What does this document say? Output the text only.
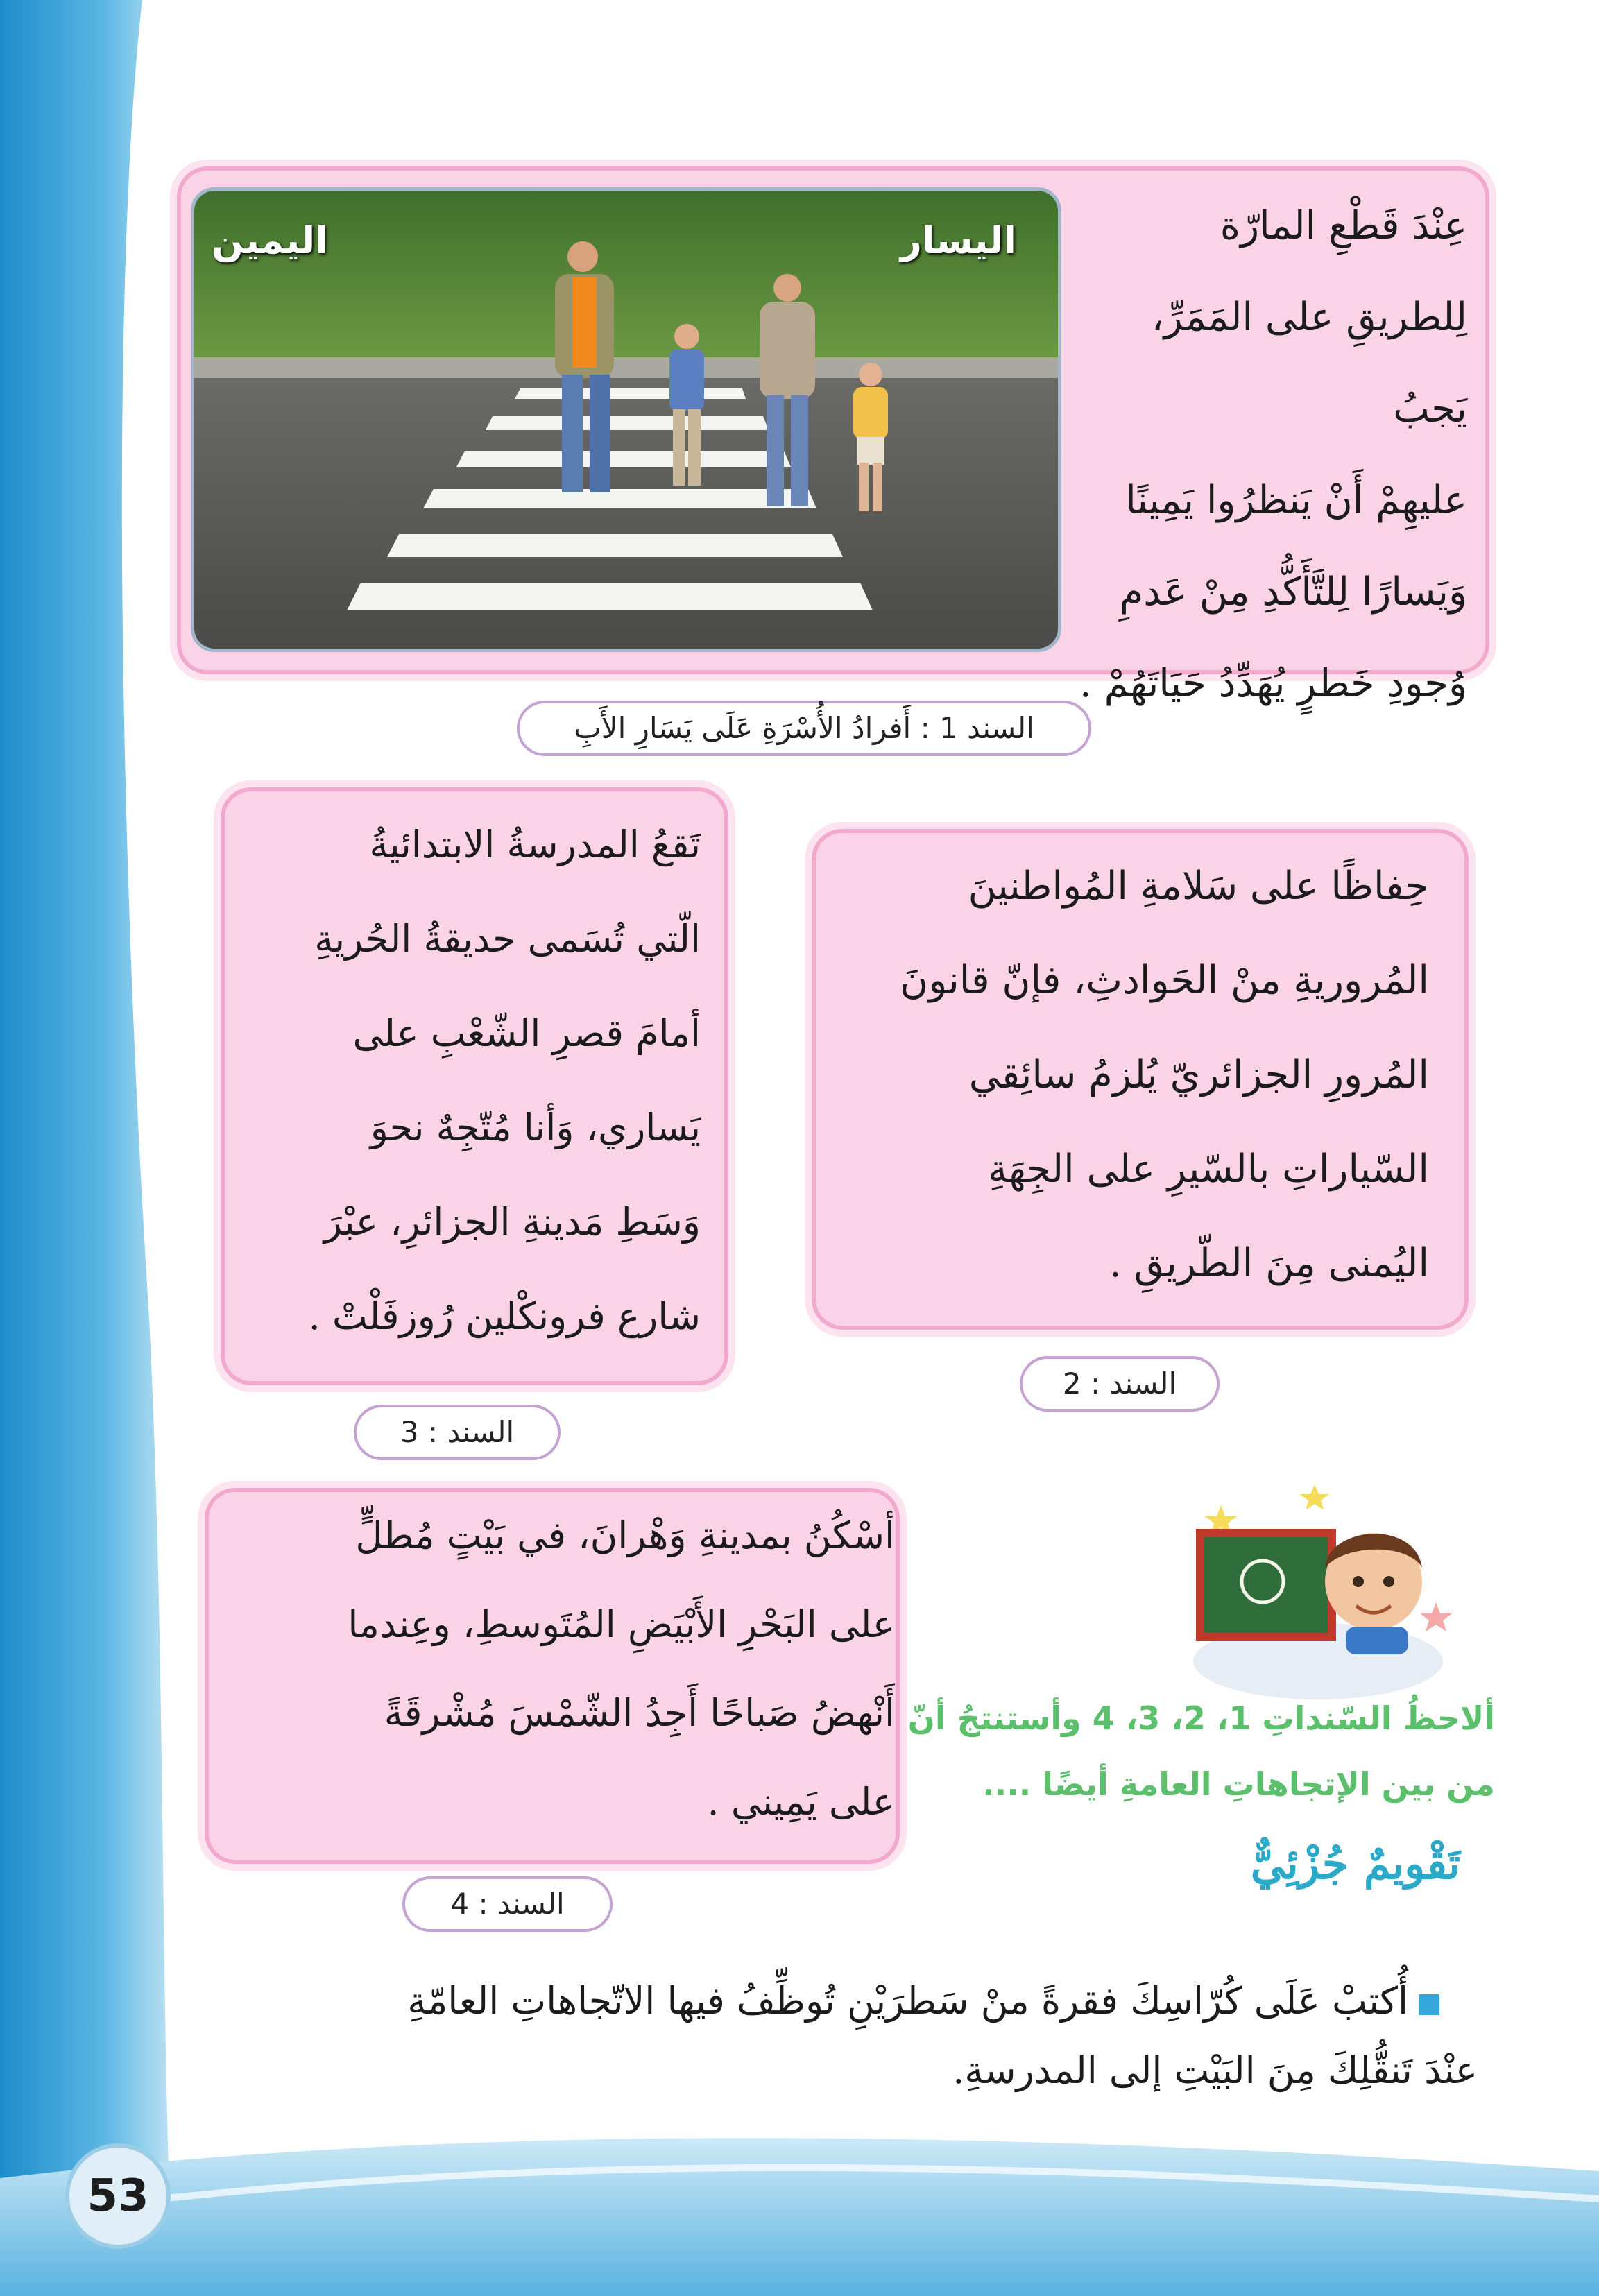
اليسار
اليمين	عِنْدَ قَطْعِ المارّة
لِلطريقِ على المَمَرِّ، يَجبُ
عليهِمْ أَنْ يَنظرُوا يَمِينًا
وَيَسارًا لِلتَّأَكُّدِ مِنْ عَدمِ
وُجودِ خَطرٍ يُهَدِّدُ حَيَاتَهُمْ .
السند 1 : أَفرادُ الأُسْرَةِ عَلَى يَسَارِ الأَبِ
تَقعُ المدرسةُ الابتدائيةُ
الّتي تُسَمى حديقةُ الحُريةِ
أمامَ قصرِ الشّعْبِ على
يَساري، وَأنا مُتّجِهٌ نحوَ
وَسَطِ مَدينةِ الجزائرِ، عبْرَ
شارع فرونكْلين رُوزفَلْتْ .
السند : 3
حِفاظًا على سَلامةِ المُواطنينَ
المُروريةِ منْ الحَوادثِ، فإنّ قانونَ
المُرورِ الجزائريّ يُلزمُ سائِقي
السّياراتِ بالسّيرِ على الجِهَةِ
اليُمنى مِنَ الطّريقِ .
السند : 2
أسْكُنُ بمدينةِ وَهْرانَ، في بَيْتٍ مُطلٍّ
على البَحْرِ الأَبْيَضِ المُتَوسطِ، وعِندما
أَنْهضُ صَباحًا أَجِدُ الشّمْسَ مُشْرقَةً
على يَمِيني .
السند : 4
ألاحظُ السّنداتِ 1، 2، 3، 4 وأستنتجُ أنّ
من بين الإتجاهاتِ العامةِ أيضًا ....
تَقْويمٌ جُزْئِيٌّ
أُكتبْ عَلَى كُرّاسِكَ فقرةً منْ سَطرَيْنِ تُوظِّفُ فيها الاتّجاهاتِ العامّةِ
عنْدَ تَنقُّلِكَ مِنَ البَيْتِ إلى المدرسةِ.
53
